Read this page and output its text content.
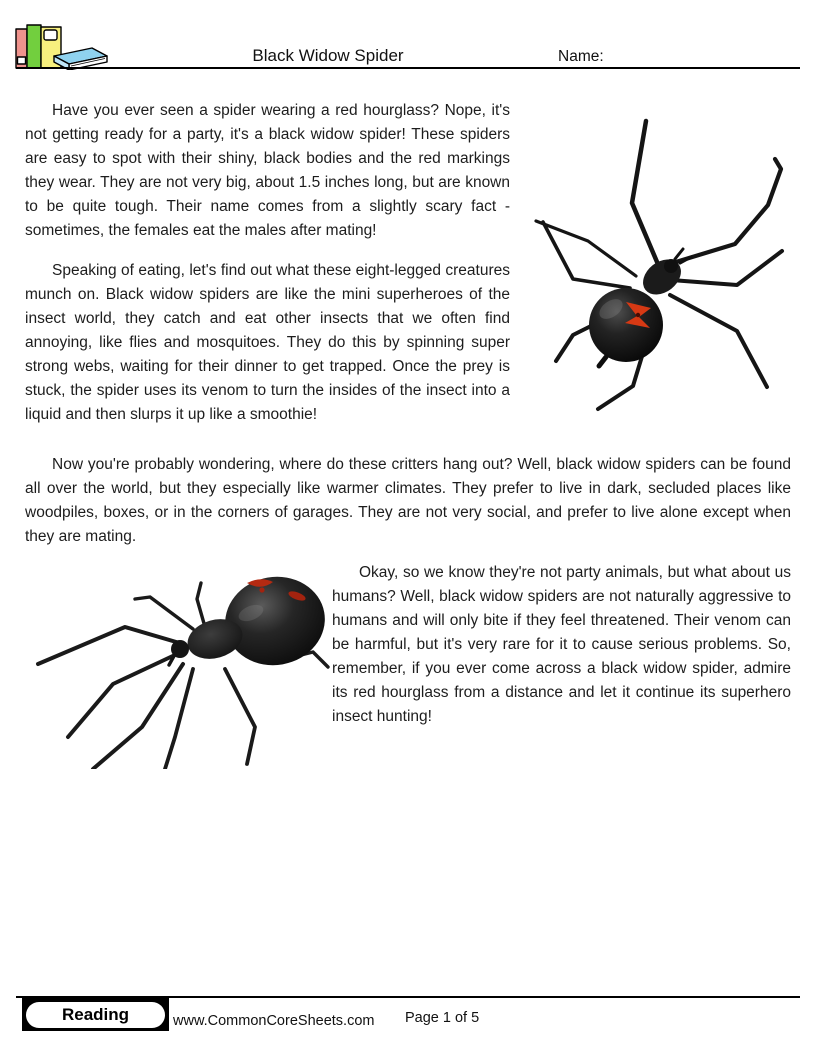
Black Widow Spider	Name:

Have you ever seen a spider wearing a red hourglass? Nope, it's not getting ready for a party, it's a black widow spider! These spiders are easy to spot with their shiny, black bodies and the red markings they wear. They are not very big, about 1.5 inches long, but are known to be quite tough. Their name comes from a slightly scary fact - sometimes, the females eat the males after mating!

Speaking of eating, let's find out what these eight-legged creatures munch on. Black widow spiders are like the mini superheroes of the insect world, they catch and eat other insects that we often find annoying, like flies and mosquitoes. They do this by spinning super strong webs, waiting for their dinner to get trapped. Once the prey is stuck, the spider uses its venom to turn the insides of the insect into a liquid and then slurps it up like a smoothie!

Now you're probably wondering, where do these critters hang out? Well, black widow spiders can be found all over the world, but they especially like warmer climates. They prefer to live in dark, secluded places like woodpiles, boxes, or in the corners of garages. They are not very social, and prefer to live alone except when they are mating.

Okay, so we know they're not party animals, but what about us humans? Well, black widow spiders are not naturally aggressive to humans and will only bite if they feel threatened. Their venom can be harmful, but it's very rare for it to cause serious problems. So, remember, if you ever come across a black widow spider, admire its red hourglass from a distance and let it continue its superhero insect hunting!

Reading	www.CommonCoreSheets.com Page 1 of 5
